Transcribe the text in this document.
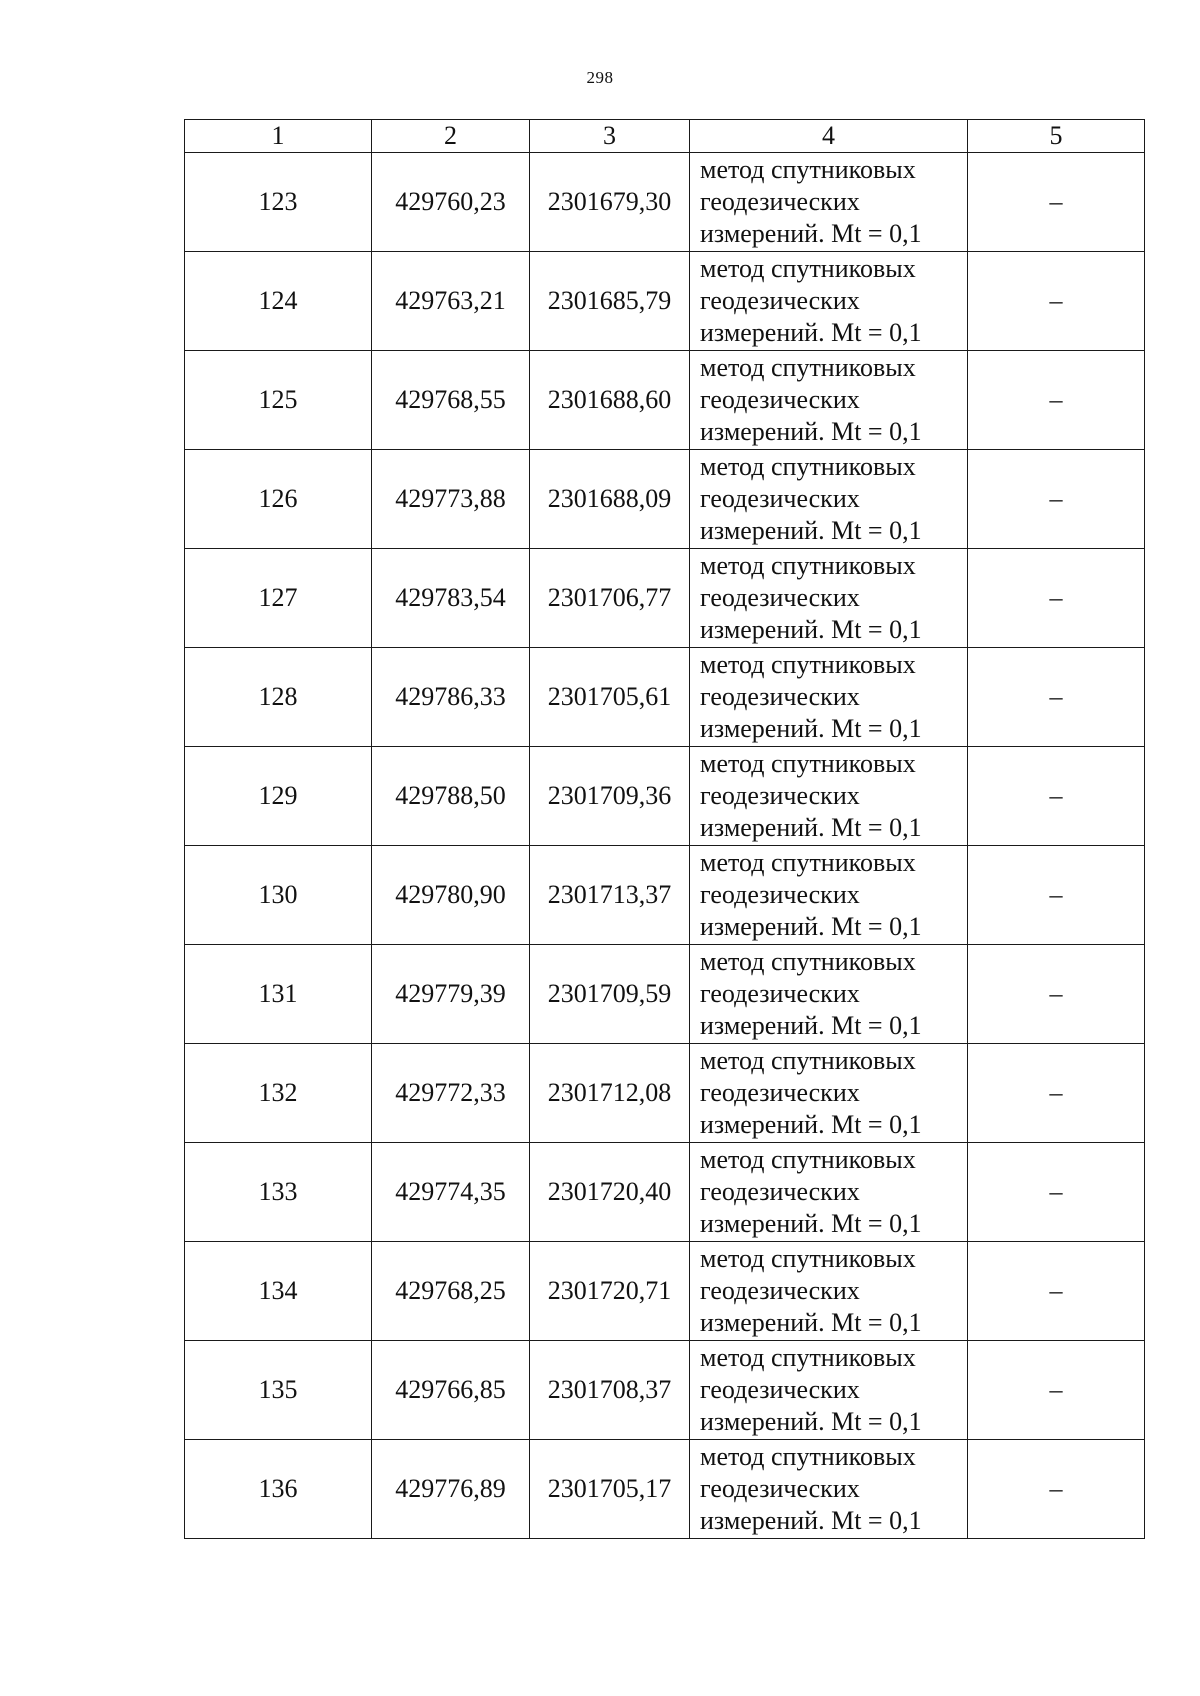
298
1	2	3	4	5
123	429760,23	2301679,30	метод спутниковых
геодезических
измерений. Mt = 0,1	–
124	429763,21	2301685,79	метод спутниковых
геодезических
измерений. Mt = 0,1	–
125	429768,55	2301688,60	метод спутниковых
геодезических
измерений. Mt = 0,1	–
126	429773,88	2301688,09	метод спутниковых
геодезических
измерений. Mt = 0,1	–
127	429783,54	2301706,77	метод спутниковых
геодезических
измерений. Mt = 0,1	–
128	429786,33	2301705,61	метод спутниковых
геодезических
измерений. Mt = 0,1	–
129	429788,50	2301709,36	метод спутниковых
геодезических
измерений. Mt = 0,1	–
130	429780,90	2301713,37	метод спутниковых
геодезических
измерений. Mt = 0,1	–
131	429779,39	2301709,59	метод спутниковых
геодезических
измерений. Mt = 0,1	–
132	429772,33	2301712,08	метод спутниковых
геодезических
измерений. Mt = 0,1	–
133	429774,35	2301720,40	метод спутниковых
геодезических
измерений. Mt = 0,1	–
134	429768,25	2301720,71	метод спутниковых
геодезических
измерений. Mt = 0,1	–
135	429766,85	2301708,37	метод спутниковых
геодезических
измерений. Mt = 0,1	–
136	429776,89	2301705,17	метод спутниковых
геодезических
измерений. Mt = 0,1	–
